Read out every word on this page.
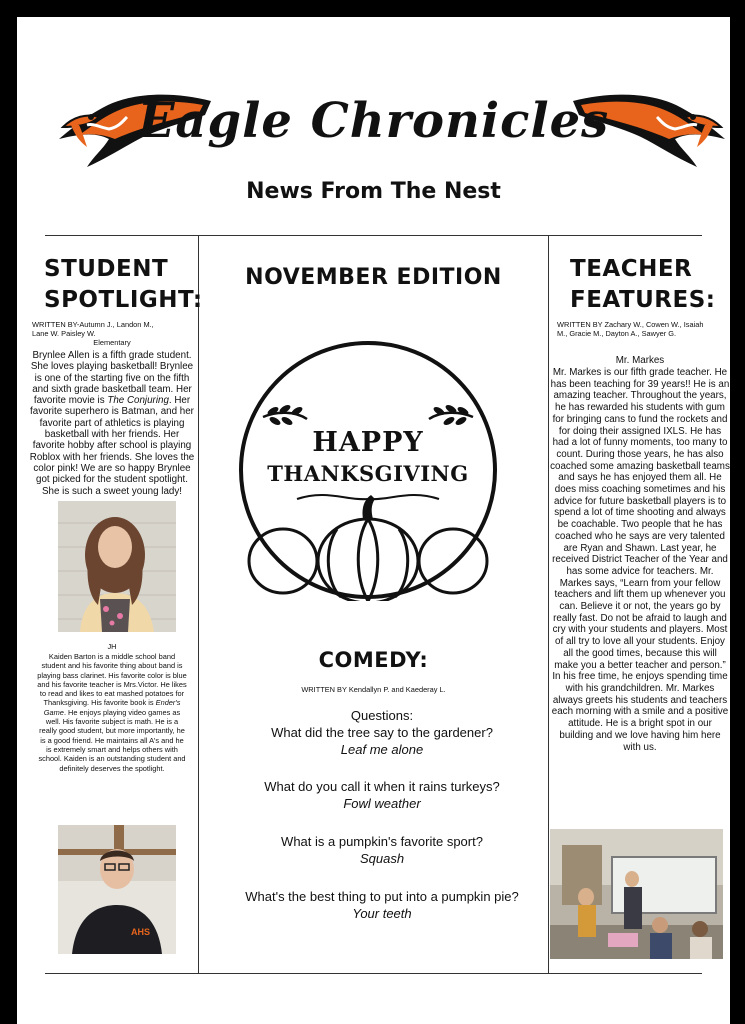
Eagle Chronicles
News From The Nest
STUDENT
SPOTLIGHT:
WRITTEN BY-Autumn J., Landon M., Lane W. Paisley W.
Elementary
Brynlee Allen is a fifth grade student. She loves playing basketball! Brynlee is one of the starting five on the fifth and sixth grade basketball team. Her favorite movie is The Conjuring. Her favorite superhero is Batman, and her favorite part of athletics is playing basketball with her friends. Her favorite hobby after school is playing Roblox with her friends. She loves the color pink! We are so happy Brynlee got picked for the student spotlight. She is such a sweet young lady!
JH
Kaiden Barton is a middle school band student and his favorite thing about band is playing bass clarinet. His favorite color is blue and his favorite teacher is Mrs.Victor. He likes to read and likes to eat mashed potatoes for Thanksgiving. His favorite book is Ender's Game. He enjoys playing video games as well. His favorite subject is math. He is a really good student, but more importantly, he is a good friend. He maintains all A's and he is extremely smart and helps others with school. Kaiden is an outstanding student and definitely deserves the spotlight.
AHS
NOVEMBER EDITION
HAPPY
THANKSGIVING
COMEDY:
WRITTEN BY Kendallyn P. and Kaederay L.
Questions:
What did the tree say to the gardener?
Leaf me alone
What do you call it when it rains turkeys?
Fowl weather
What is a pumpkin's favorite sport?
Squash
What's the best thing to put into a pumpkin pie?
Your teeth
TEACHER
FEATURES:
WRITTEN BY Zachary W., Cowen W., Isaiah M., Gracie M., Dayton A., Sawyer G.
Mr. Markes
Mr. Markes is our fifth grade teacher. He has been teaching for 39 years!! He is an amazing teacher. Throughout the years, he has rewarded his students with gum for bringing cans to fund the rockets and for doing their assigned IXLS. He has had a lot of funny moments, too many to count. During those years, he has also coached some amazing basketball teams and says he has enjoyed them all. He does miss coaching sometimes and his advice for future basketball players is to spend a lot of time shooting and always be coachable. Two people that he has coached who he says are very talented are Ryan and Shawn. Last year, he received District Teacher of the Year and has some advice for teachers. Mr. Markes says, “Learn from your fellow teachers and lift them up whenever you can. Believe it or not, the years go by really fast. Do not be afraid to laugh and cry with your students and players. Most of all try to love all your students. Enjoy all the good times, because this will make you a better teacher and person.” In his free time, he enjoys spending time with his grandchildren. Mr. Markes always greets his students and teachers each morning with a smile and a positive attitude. He is a bright spot in our building and we love having him here with us.
